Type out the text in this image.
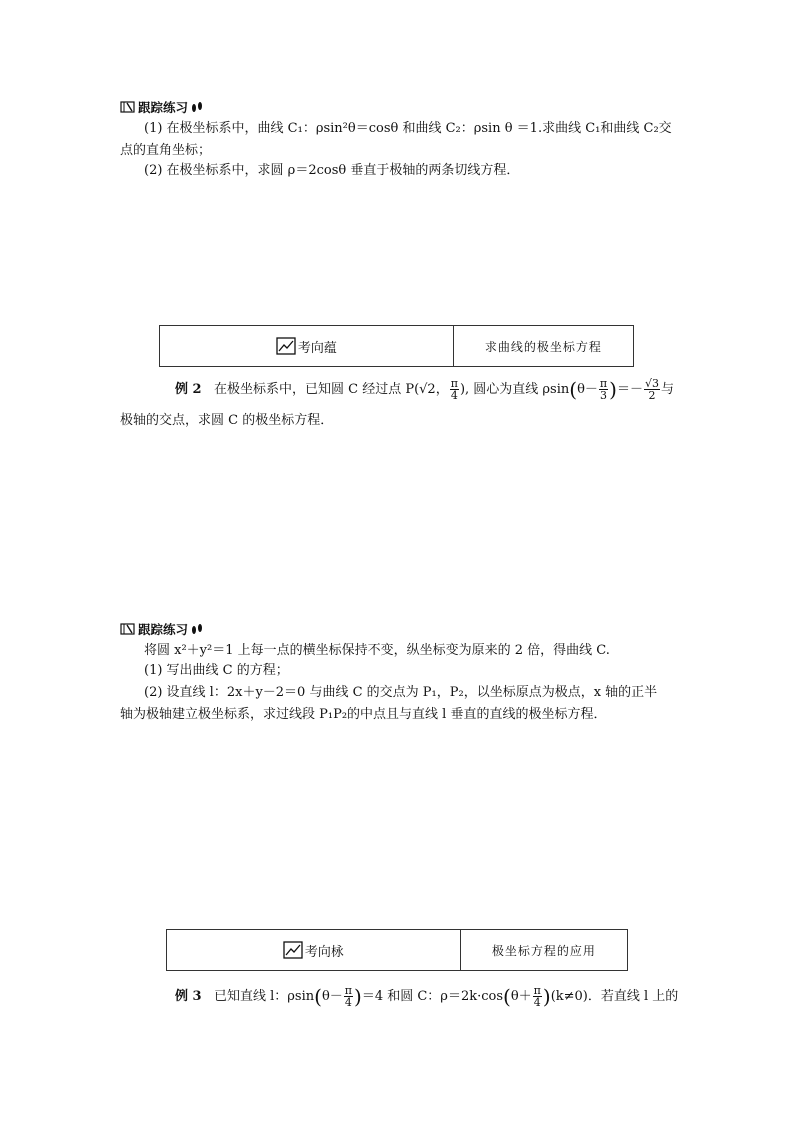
跟踪练习
(1) 在极坐标系中，曲线 C₁：ρsin²θ＝cosθ 和曲线 C₂：ρsin θ ＝1.求曲线 C₁和曲线 C₂交
点的直角坐标；
(2) 在极坐标系中，求圆 ρ＝2cosθ 垂直于极轴的两条切线方程．
考向蕴	求曲线的极坐标方程
例 2 在极坐标系中，已知圆 C 经过点 P(√2， $\frac{\pi}{4}$ ), 圆心为直线 $\rho\sin(\theta- \frac{\pi}{3}$ )＝－ $\frac{√3}{2}$ 与
极轴的交点，求圆 C 的极坐标方程．
跟踪练习
将圆 x²＋y²＝1 上每一点的横坐标保持不变，纵坐标变为原来的 2 倍，得曲线 C.
(1) 写出曲线 C 的方程；
(2) 设直线 l：2x＋y－2＝0 与曲线 C 的交点为 P₁，P₂，以坐标原点为极点，x 轴的正半
轴为极轴建立极坐标系，求过线段 P₁P₂的中点且与直线 l 垂直的直线的极坐标方程．
考向栐	极坐标方程的应用
例 3 已知直线 l：$\rho\sin(\theta- \frac{\pi}{4} )=4$ 和圆 C：$\rho=2k\cdot\cos(\theta+ \frac{\pi}{4} )(k\ne 0)$．若直线 l 上的
